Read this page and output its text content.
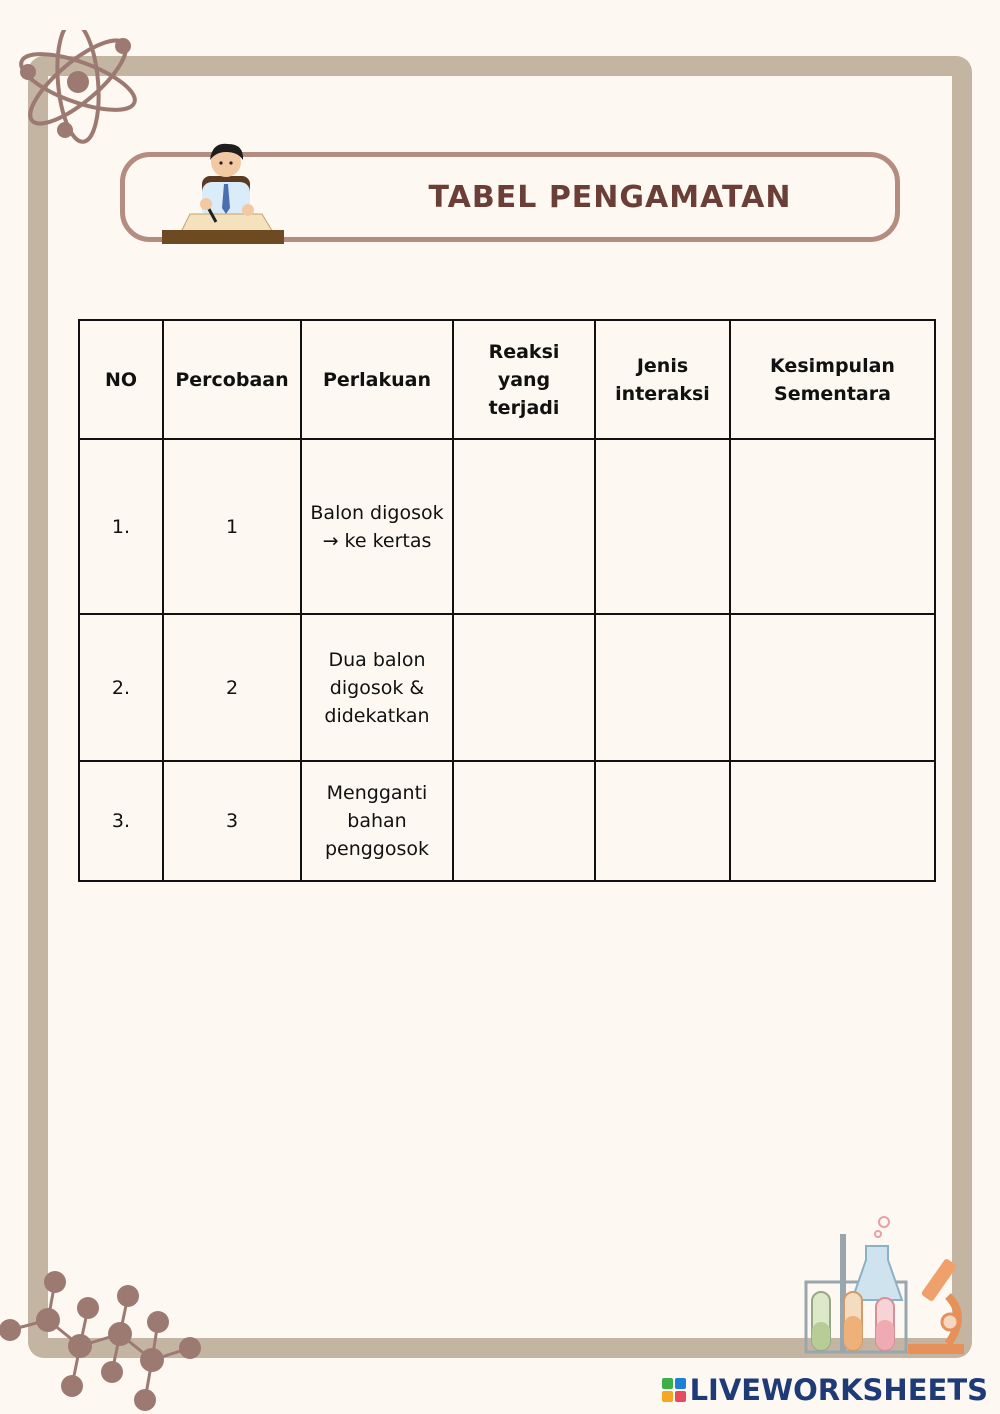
TABEL PENGAMATAN
NO	Percobaan	Perlakuan	Reaksi yang terjadi	Jenis interaksi	Kesimpulan Sementara
1.	1	Balon digosok → ke kertas			
2.	2	Dua balon digosok & didekatkan			
3.	3	Mengganti bahan penggosok			
LIVEWORKSHEETS
